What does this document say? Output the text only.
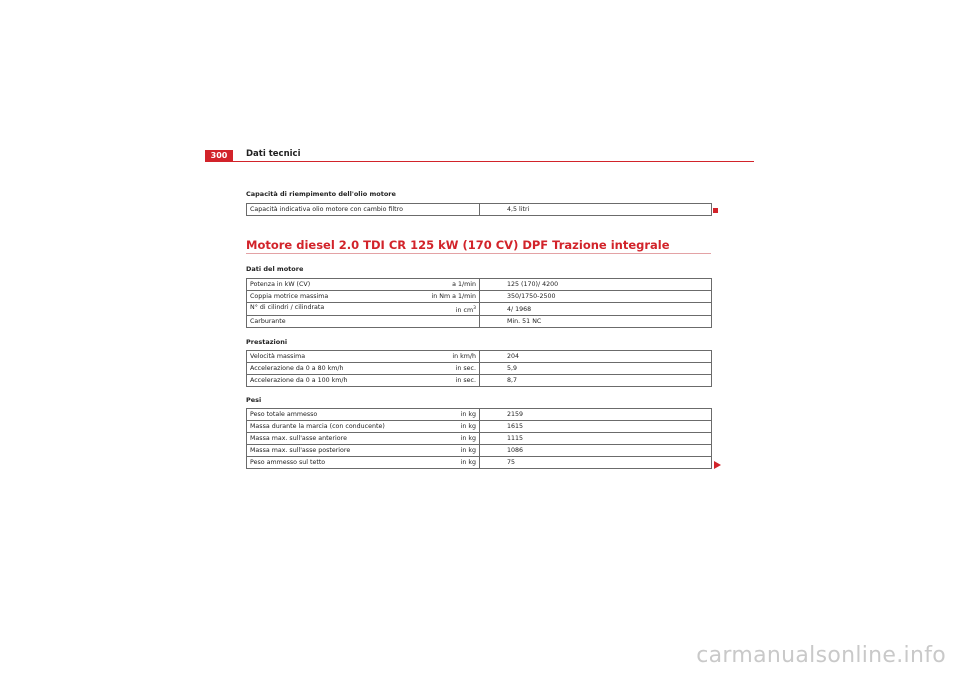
300	Dati tecnici
Capacità di riempimento dell'olio motore
Capacità indicativa olio motore con cambio filtro	4,5 litri
Motore diesel 2.0 TDI CR 125 kW (170 CV) DPF Trazione integrale
Dati del motore
Potenza in kW (CV)	a 1/min	125 (170)/ 4200
Coppia motrice massima	in Nm a 1/min	350/1750-2500
N° di cilindri / cilindrata	in $cm^3$	4/ 1968
Carburante		Min. 51 NC
Prestazioni
Velocità massima	in km/h	204
Accelerazione da 0 a 80 km/h	in sec.	5,9
Accelerazione da 0 a 100 km/h	in sec.	8,7
Pesi
Peso totale ammesso	in kg	2159
Massa durante la marcia (con conducente)	in kg	1615
Massa max. sull'asse anteriore	in kg	1115
Massa max. sull'asse posteriore	in kg	1086
Peso ammesso sul tetto	in kg	75
carmanualsonline.info
